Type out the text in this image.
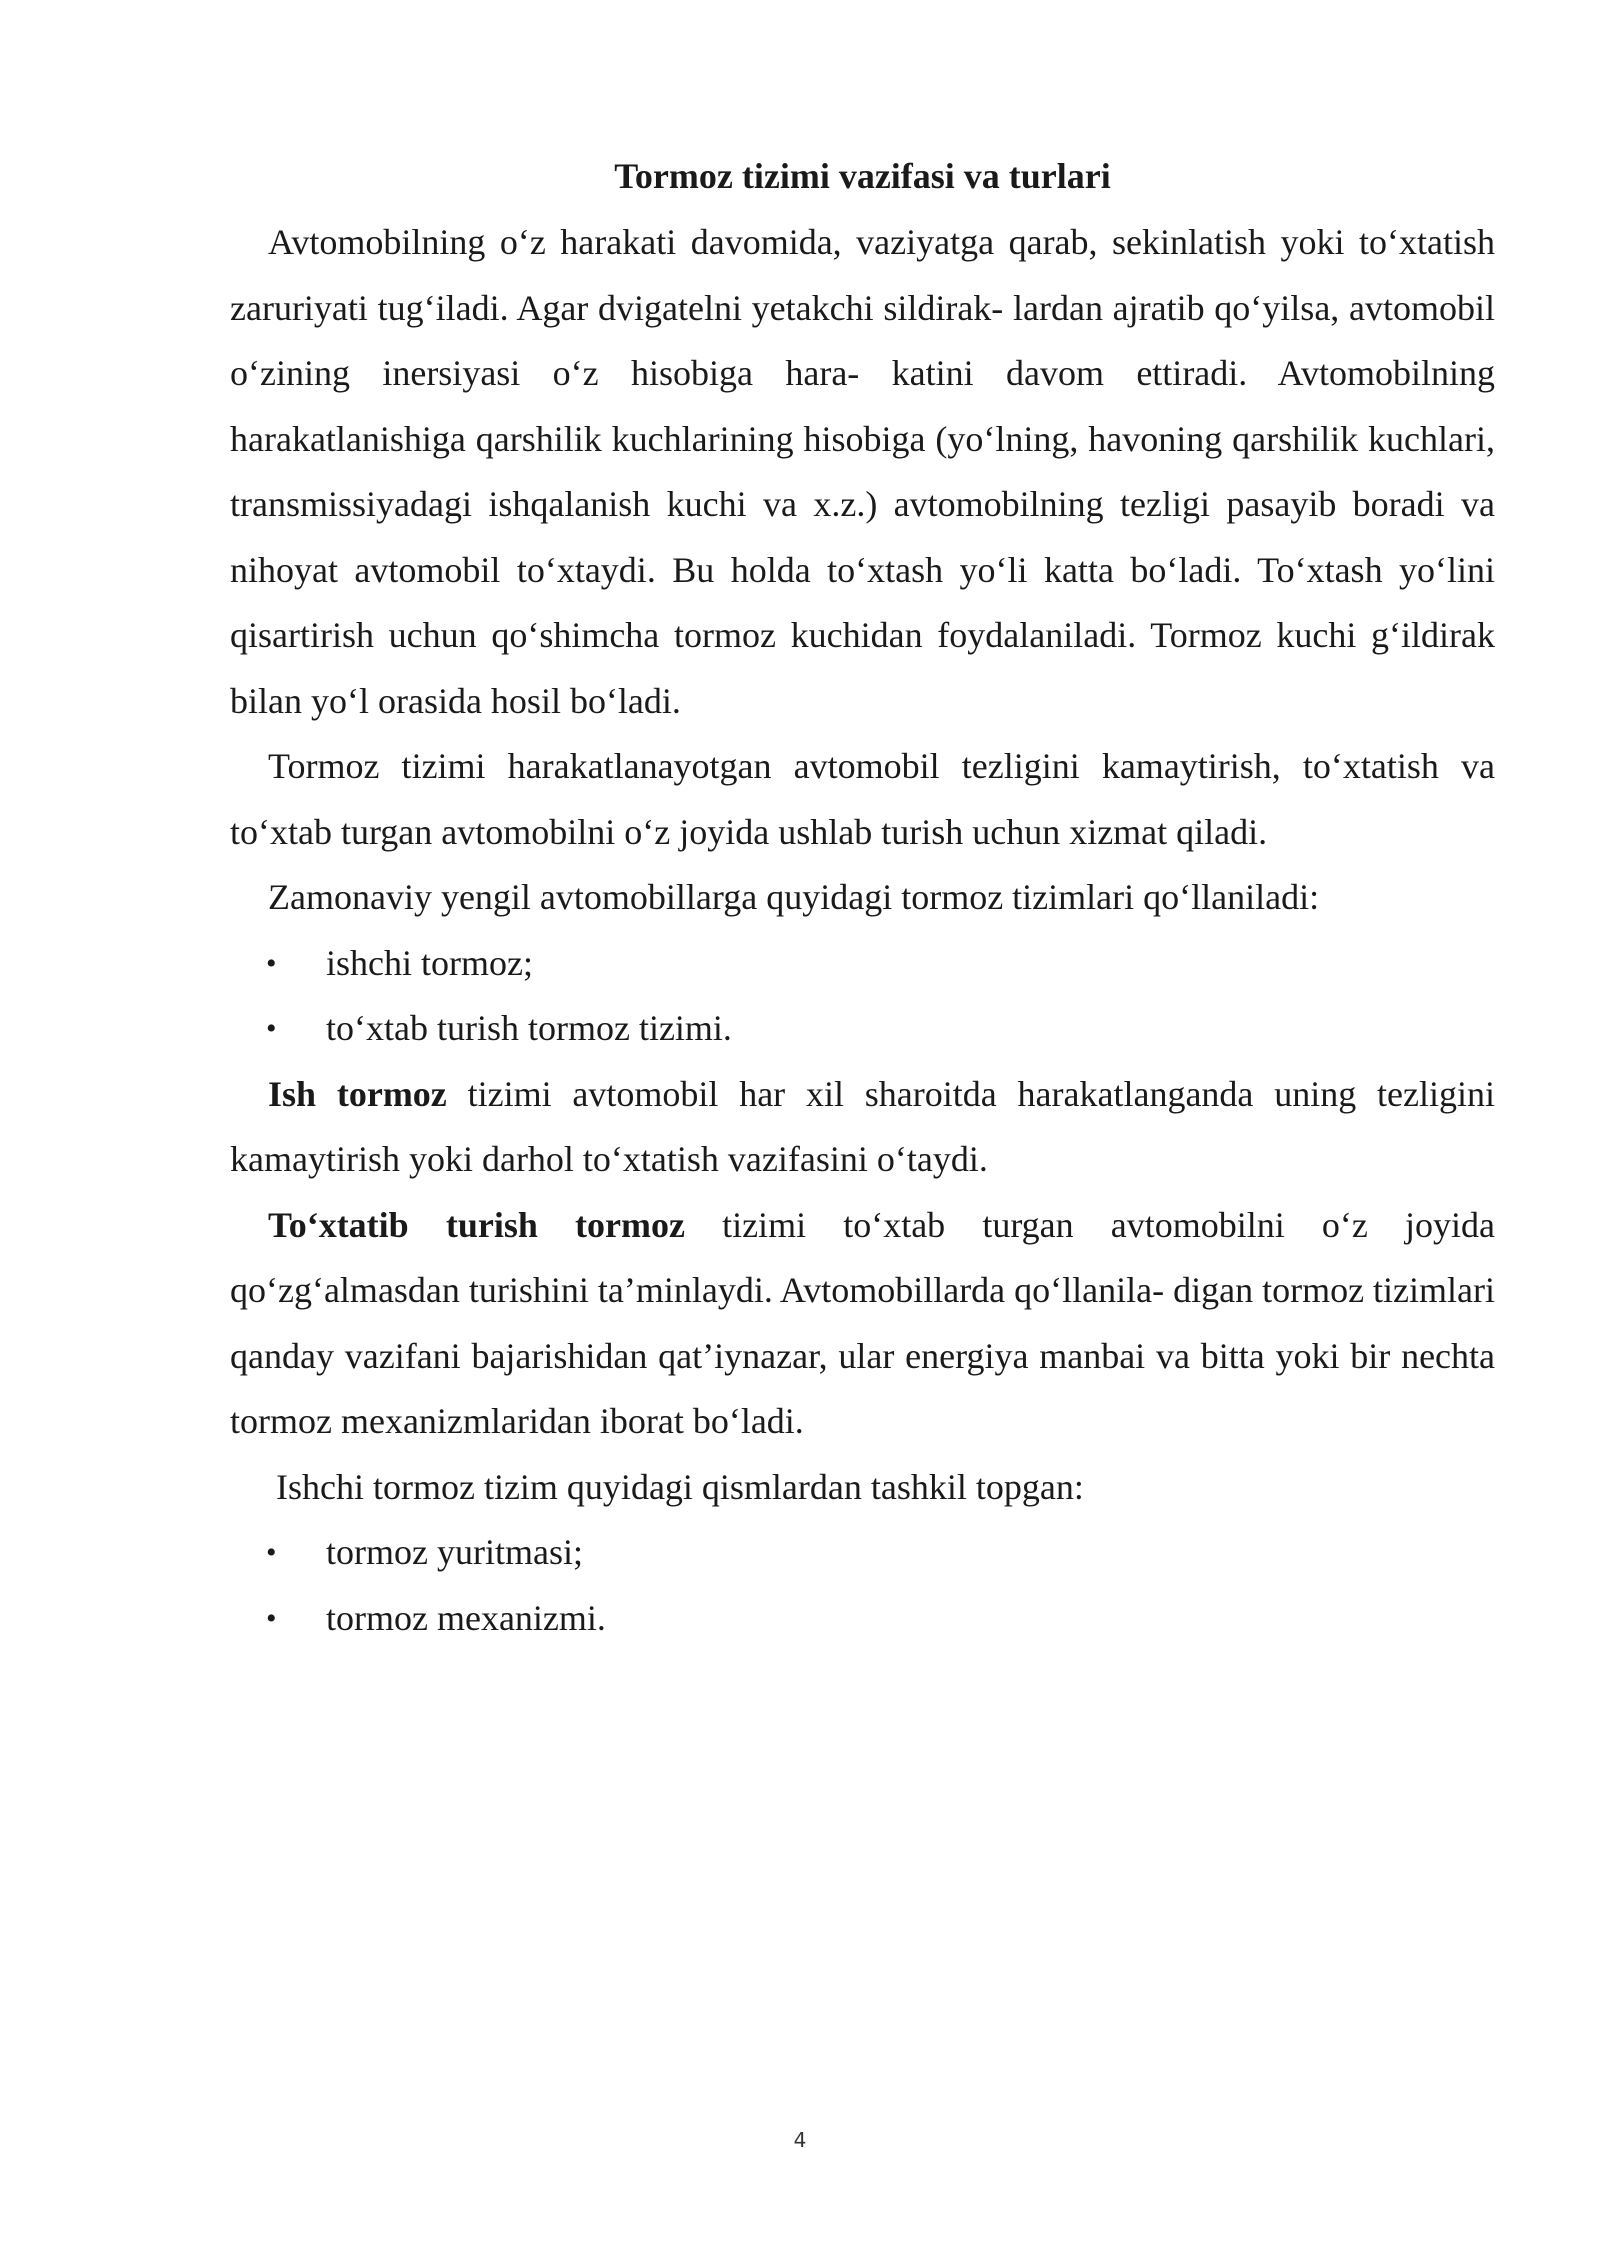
Tormoz tizimi vazifasi va turlari

Avtomobilning o‘z harakati davomida, vaziyatga qarab, sekinlatish yoki to‘xtatish zaruriyati tug‘iladi. Agar dvigatelni yetakchi sildirak- lardan ajratib qo‘yilsa, avtomobil o‘zining inersiyasi o‘z hisobiga hara- katini davom ettiradi. Avtomobilning harakatlanishiga qarshilik kuchlarining hisobiga (yo‘lning, havoning qarshilik kuchlari, transmissiyadagi ishqalanish kuchi va x.z.) avtomobilning tezligi pasayib boradi va nihoyat avtomobil to‘xtaydi. Bu holda to‘xtash yo‘li katta bo‘ladi. To‘xtash yo‘lini qisartirish uchun qo‘shimcha tormoz kuchidan foydalaniladi. Tormoz kuchi g‘ildirak bilan yo‘l orasida hosil bo‘ladi.

Tormoz tizimi harakatlanayotgan avtomobil tezligini kamaytirish, to‘xtatish va to‘xtab turgan avtomobilni o‘z joyida ushlab turish uchun xizmat qiladi.

Zamonaviy yengil avtomobillarga quyidagi tormoz tizimlari qo‘llaniladi:

• ishchi tormoz;
• to‘xtab turish tormoz tizimi.

Ish tormoz tizimi avtomobil har xil sharoitda harakatlanganda uning tezligini kamaytirish yoki darhol to‘xtatish vazifasini o‘taydi.

To‘xtatib turish tormoz tizimi to‘xtab turgan avtomobilni o‘z joyida qo‘zg‘almasdan turishini ta’minlaydi. Avtomobillarda qo‘llanila- digan tormoz tizimlari qanday vazifani bajarishidan qat’iynazar, ular energiya manbai va bitta yoki bir nechta tormoz mexanizmlaridan iborat bo‘ladi.

Ishchi tormoz tizim quyidagi qismlardan tashkil topgan:

• tormoz yuritmasi;
• tormoz mexanizmi.
4
